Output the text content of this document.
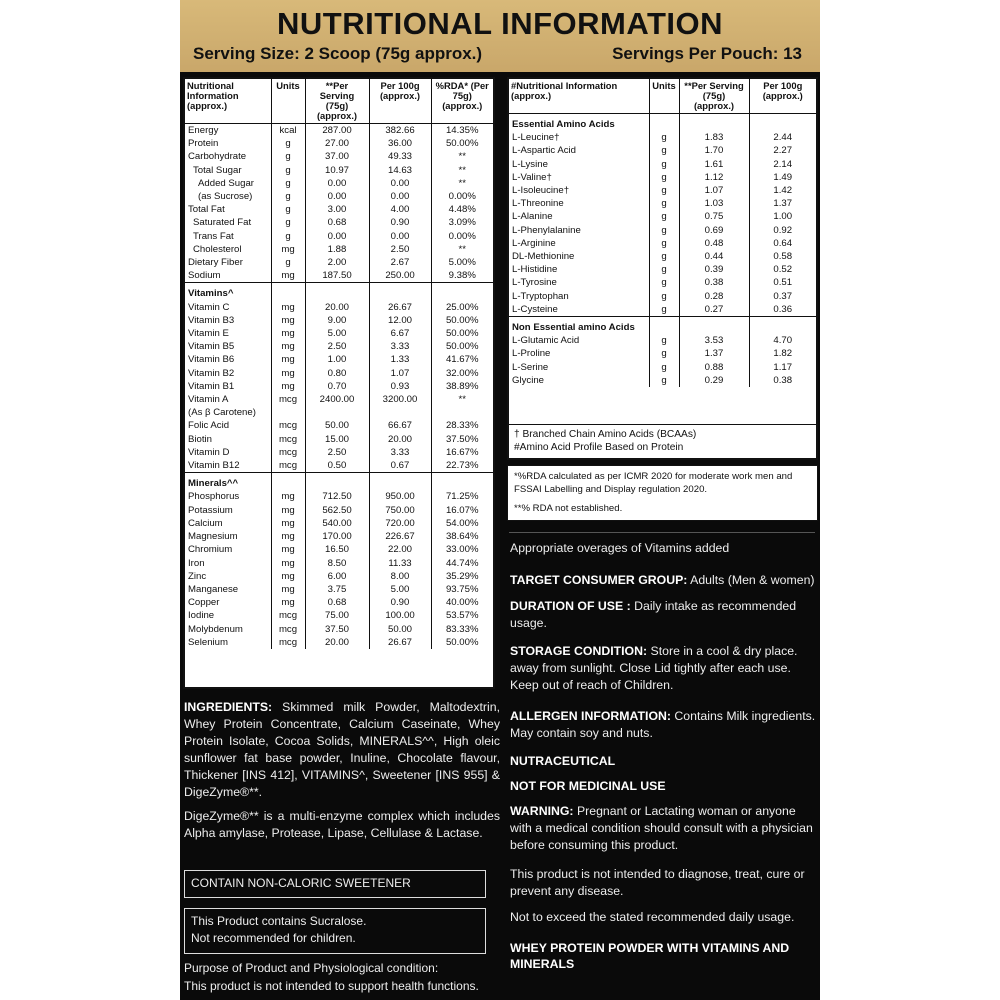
NUTRITIONAL INFORMATION
Serving Size: 2 Scoop (75g approx.)	Servings Per Pouch: 13
Nutritional Information (approx.)	Units	**Per Serving (75g) (approx.)	Per 100g (approx.)	%RDA* (Per 75g) (approx.)
Energy	kcal	287.00	382.66	14.35%
Protein	g	27.00	36.00	50.00%
Carbohydrate	g	37.00	49.33	**
Total Sugar	g	10.97	14.63	**
Added Sugar	g	0.00	0.00	**
(as Sucrose)	g	0.00	0.00	0.00%
Total Fat	g	3.00	4.00	4.48%
Saturated Fat	g	0.68	0.90	3.09%
Trans Fat	g	0.00	0.00	0.00%
Cholesterol	mg	1.88	2.50	**
Dietary Fiber	g	2.00	2.67	5.00%
Sodium	mg	187.50	250.00	9.38%
Vitamins^				
Vitamin C	mg	20.00	26.67	25.00%
Vitamin B3	mg	9.00	12.00	50.00%
Vitamin E	mg	5.00	6.67	50.00%
Vitamin B5	mg	2.50	3.33	50.00%
Vitamin B6	mg	1.00	1.33	41.67%
Vitamin B2	mg	0.80	1.07	32.00%
Vitamin B1	mg	0.70	0.93	38.89%
Vitamin A	mcg	2400.00	3200.00	**
(As β Carotene)				
Folic Acid	mcg	50.00	66.67	28.33%
Biotin	mcg	15.00	20.00	37.50%
Vitamin D	mcg	2.50	3.33	16.67%
Vitamin B12	mcg	0.50	0.67	22.73%
Minerals^^				
Phosphorus	mg	712.50	950.00	71.25%
Potassium	mg	562.50	750.00	16.07%
Calcium	mg	540.00	720.00	54.00%
Magnesium	mg	170.00	226.67	38.64%
Chromium	mg	16.50	22.00	33.00%
Iron	mg	8.50	11.33	44.74%
Zinc	mg	6.00	8.00	35.29%
Manganese	mg	3.75	5.00	93.75%
Copper	mg	0.68	0.90	40.00%
Iodine	mcg	75.00	100.00	53.57%
Molybdenum	mcg	37.50	50.00	83.33%
Selenium	mcg	20.00	26.67	50.00%
#Nutritional Information (approx.)	Units	**Per Serving (75g) (approx.)	Per 100g (approx.)
Essential Amino Acids			
L-Leucine†	g	1.83	2.44
L-Aspartic Acid	g	1.70	2.27
L-Lysine	g	1.61	2.14
L-Valine†	g	1.12	1.49
L-Isoleucine†	g	1.07	1.42
L-Threonine	g	1.03	1.37
L-Alanine	g	0.75	1.00
L-Phenylalanine	g	0.69	0.92
L-Arginine	g	0.48	0.64
DL-Methionine	g	0.44	0.58
L-Histidine	g	0.39	0.52
L-Tyrosine	g	0.38	0.51
L-Tryptophan	g	0.28	0.37
L-Cysteine	g	0.27	0.36
Non Essential amino Acids			
L-Glutamic Acid	g	3.53	4.70
L-Proline	g	1.37	1.82
L-Serine	g	0.88	1.17
Glycine	g	0.29	0.38
† Branched Chain Amino Acids (BCAAs)
#Amino Acid Profile Based on Protein
*%RDA calculated as per ICMR 2020 for moderate work men and FSSAI Labelling and Display regulation 2020.
**% RDA not established.
INGREDIENTS: Skimmed milk Powder, Maltodextrin, Whey Protein Concentrate, Calcium Caseinate, Whey Protein Isolate, Cocoa Solids, MINERALS^^, High oleic sunflower fat base powder, Inuline, Chocolate flavour, Thickener [INS 412], VITAMINS^, Sweetener [INS 955] & DigeZyme®**.
DigeZyme®** is a multi-enzyme complex which includes Alpha amylase, Protease, Lipase, Cellulase & Lactase.
CONTAIN NON-CALORIC SWEETENER
This Product contains Sucralose.
Not recommended for children.
Purpose of Product and Physiological condition:
This product is not intended to support health functions.
Appropriate overages of Vitamins added
TARGET CONSUMER GROUP: Adults (Men & women)
DURATION OF USE : Daily intake as recommended usage.
STORAGE CONDITION: Store in a cool & dry place. away from sunlight. Close Lid tightly after each use. Keep out of reach of Children.
ALLERGEN INFORMATION: Contains Milk ingredients. May contain soy and nuts.
NUTRACEUTICAL
NOT FOR MEDICINAL USE
WARNING: Pregnant or Lactating woman or anyone with a medical condition should consult with a physician before consuming this product.
This product is not intended to diagnose, treat, cure or prevent any disease.
Not to exceed the stated recommended daily usage.
WHEY PROTEIN POWDER WITH VITAMINS AND MINERALS
